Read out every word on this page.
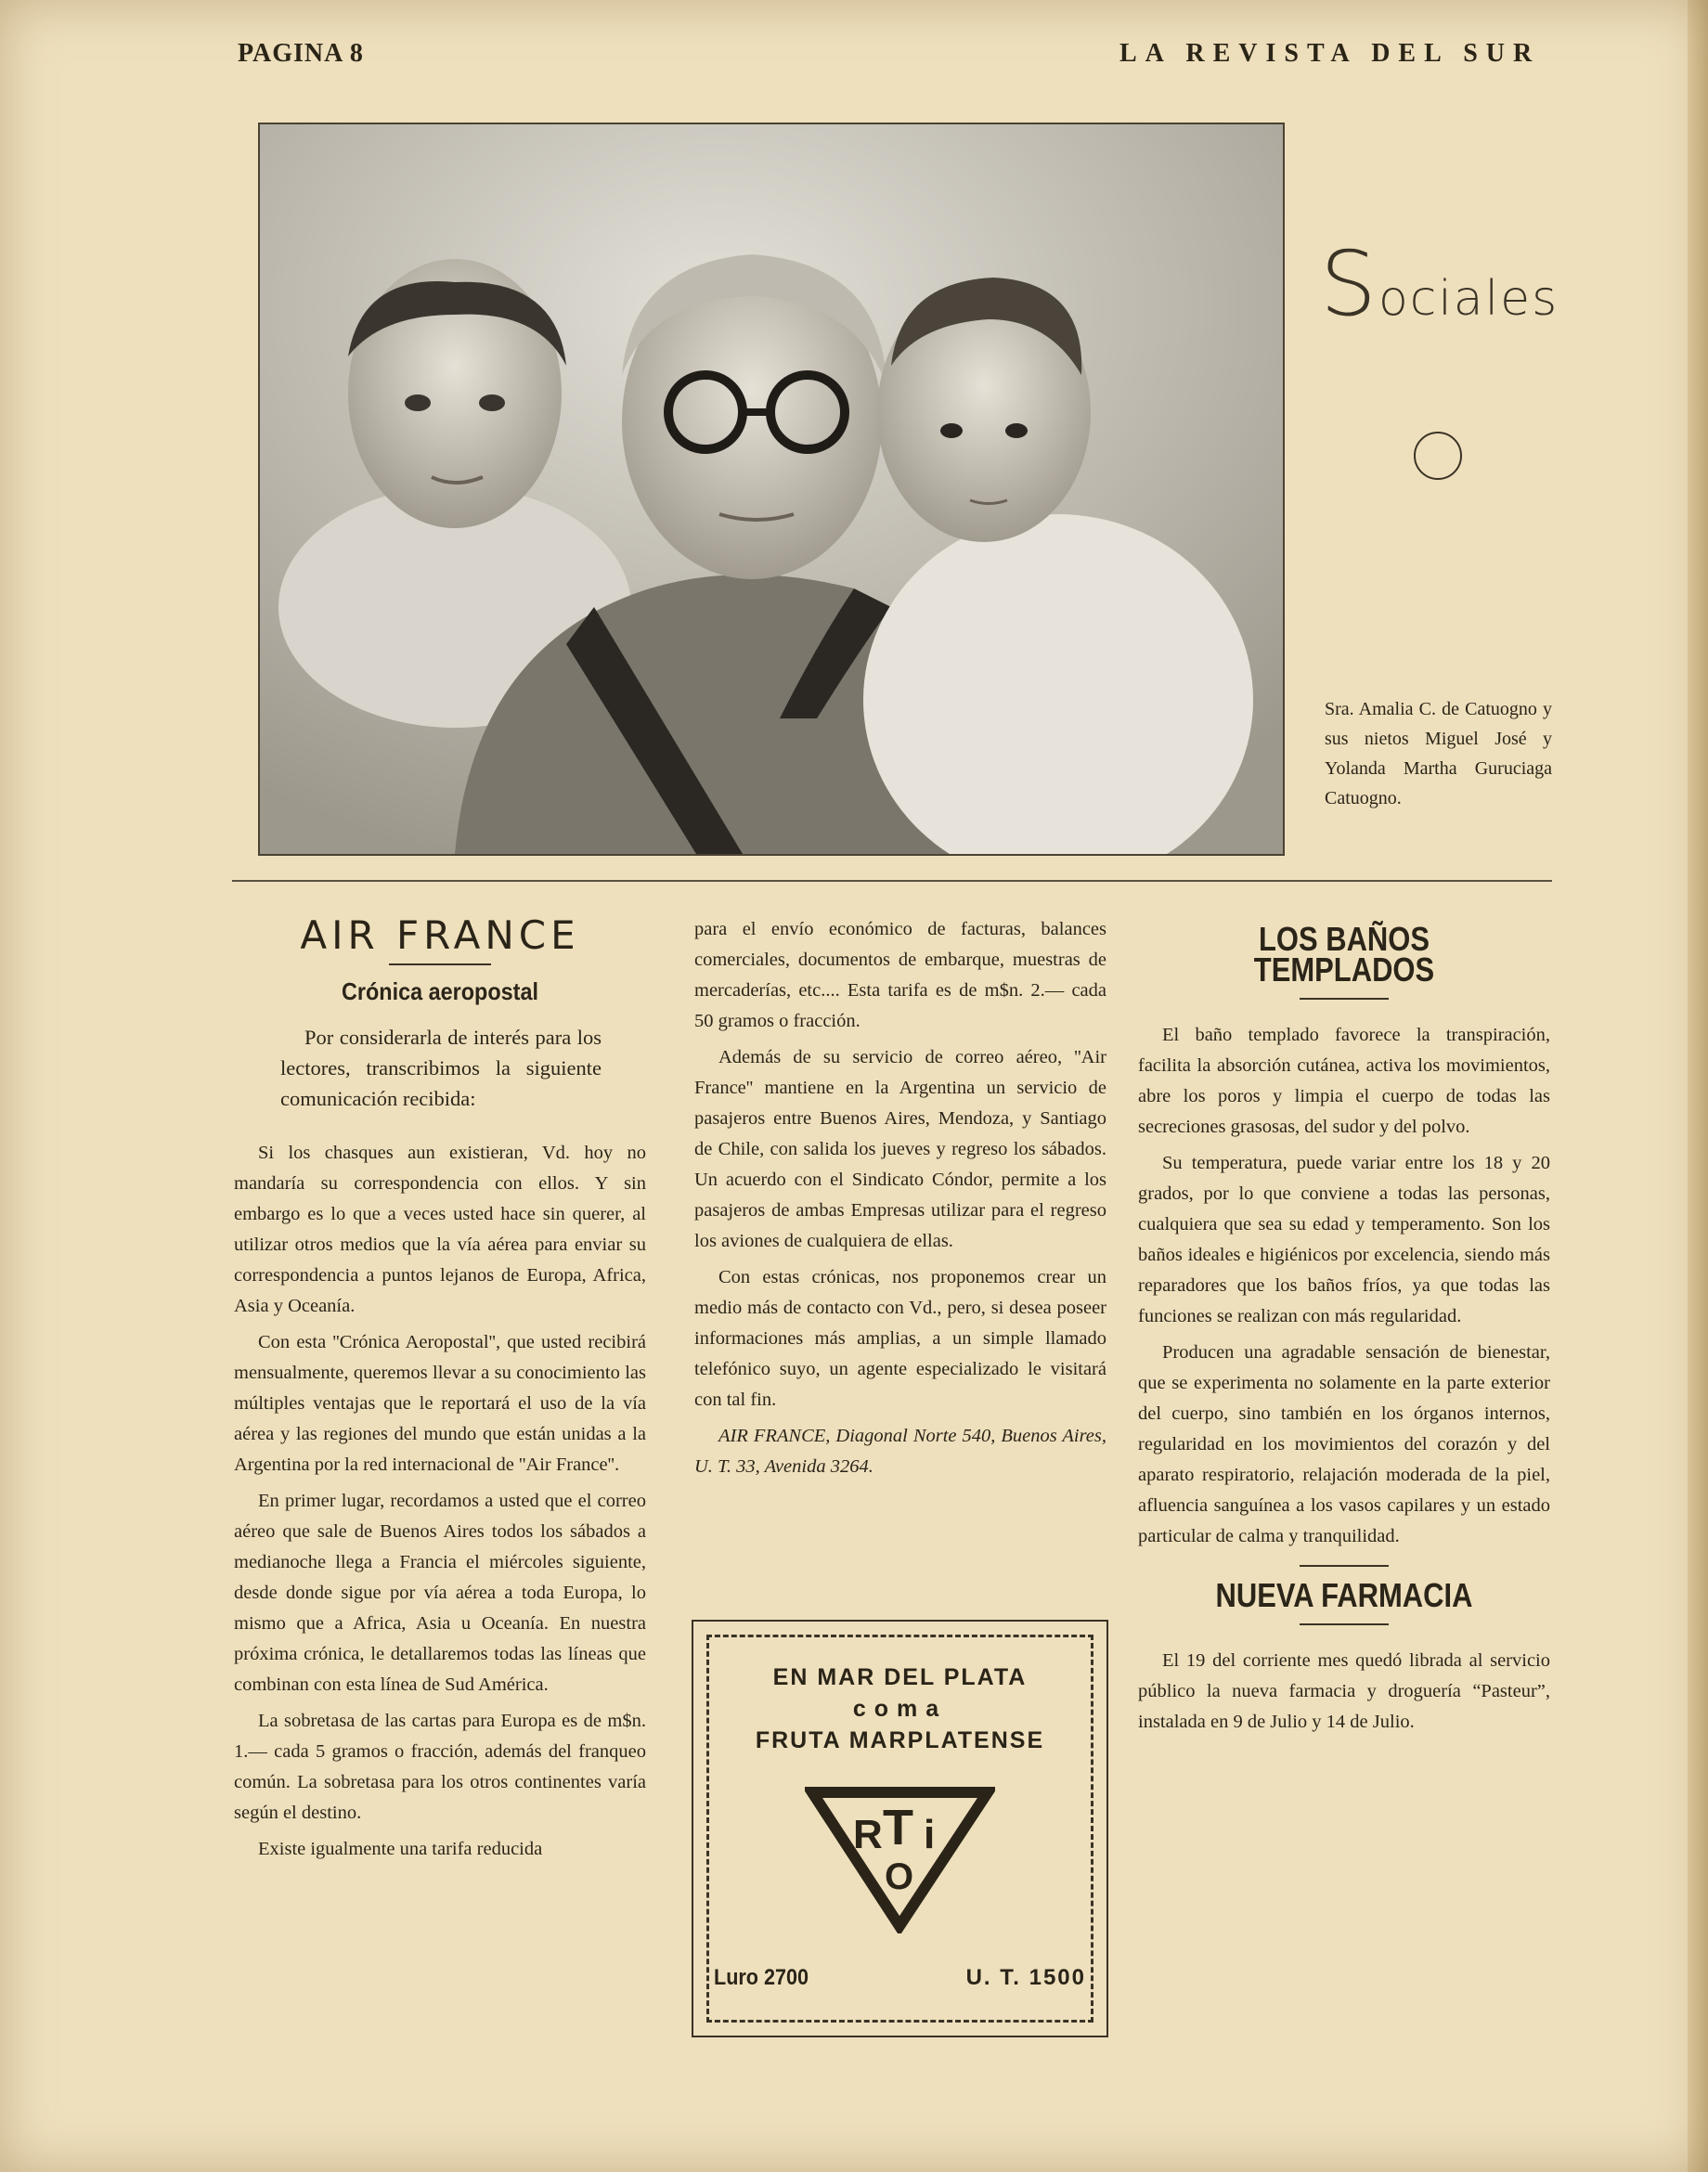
PAGINA 8	LA REVISTA DEL SUR
Sociales
Sra. Amalia C. de Catuogno y sus nietos Miguel José y Yolanda Martha Guruciaga Catuogno.
AIR FRANCE
Crónica aeropostal

Por considerarla de interés para los lectores, transcribimos la siguiente comunicación recibida:

Si los chasques aun existieran, Vd. hoy no mandaría su correspondencia con ellos. Y sin embargo es lo que a veces usted hace sin querer, al utilizar otros medios que la vía aérea para enviar su correspondencia a puntos lejanos de Europa, Africa, Asia y Oceanía.

Con esta ''Crónica Aeropostal'', que usted recibirá mensualmente, queremos llevar a su conocimiento las múltiples ventajas que le reportará el uso de la vía aérea y las regiones del mundo que están unidas a la Argentina por la red internacional de ''Air France''.

En primer lugar, recordamos a usted que el correo aéreo que sale de Buenos Aires todos los sábados a medianoche llega a Francia el miércoles siguiente, desde donde sigue por vía aérea a toda Europa, lo mismo que a Africa, Asia u Oceanía. En nuestra próxima crónica, le detallaremos todas las líneas que combinan con esta línea de Sud América.

La sobretasa de las cartas para Europa es de m$n. 1.— cada 5 gramos o fracción, además del franqueo común. La sobretasa para los otros continentes varía según el destino.

Existe igualmente una tarifa reducida

para el envío económico de facturas, balances comerciales, documentos de embarque, muestras de mercaderías, etc.... Esta tarifa es de m$n. 2.— cada 50 gramos o fracción.

Además de su servicio de correo aéreo, ''Air France'' mantiene en la Argentina un servicio de pasajeros entre Buenos Aires, Mendoza, y Santiago de Chile, con salida los jueves y regreso los sábados. Un acuerdo con el Sindicato Cóndor, permite a los pasajeros de ambas Empresas utilizar para el regreso los aviones de cualquiera de ellas.

Con estas crónicas, nos proponemos crear un medio más de contacto con Vd., pero, si desea poseer informaciones más amplias, a un simple llamado telefónico suyo, un agente especializado le visitará con tal fin.

AIR FRANCE, Diagonal Norte 540, Buenos Aires, U. T. 33, Avenida 3264.

EN MAR DEL PLATA
coma
FRUTA MARPLATENSE
R T i
O
Luro 2700	U. T. 1500
LOS BAÑOS TEMPLADOS

El baño templado favorece la transpiración, facilita la absorción cutánea, activa los movimientos, abre los poros y limpia el cuerpo de todas las secreciones grasosas, del sudor y del polvo.

Su temperatura, puede variar entre los 18 y 20 grados, por lo que conviene a todas las personas, cualquiera que sea su edad y temperamento. Son los baños ideales e higiénicos por excelencia, siendo más reparadores que los baños fríos, ya que todas las funciones se realizan con más regularidad.

Producen una agradable sensación de bienestar, que se experimenta no solamente en la parte exterior del cuerpo, sino también en los órganos internos, regularidad en los movimientos del corazón y del aparato respiratorio, relajación moderada de la piel, afluencia sanguínea a los vasos capilares y un estado particular de calma y tranquilidad.

NUEVA FARMACIA

El 19 del corriente mes quedó librada al servicio público la nueva farmacia y droguería “Pasteur”, instalada en 9 de Julio y 14 de Julio.
